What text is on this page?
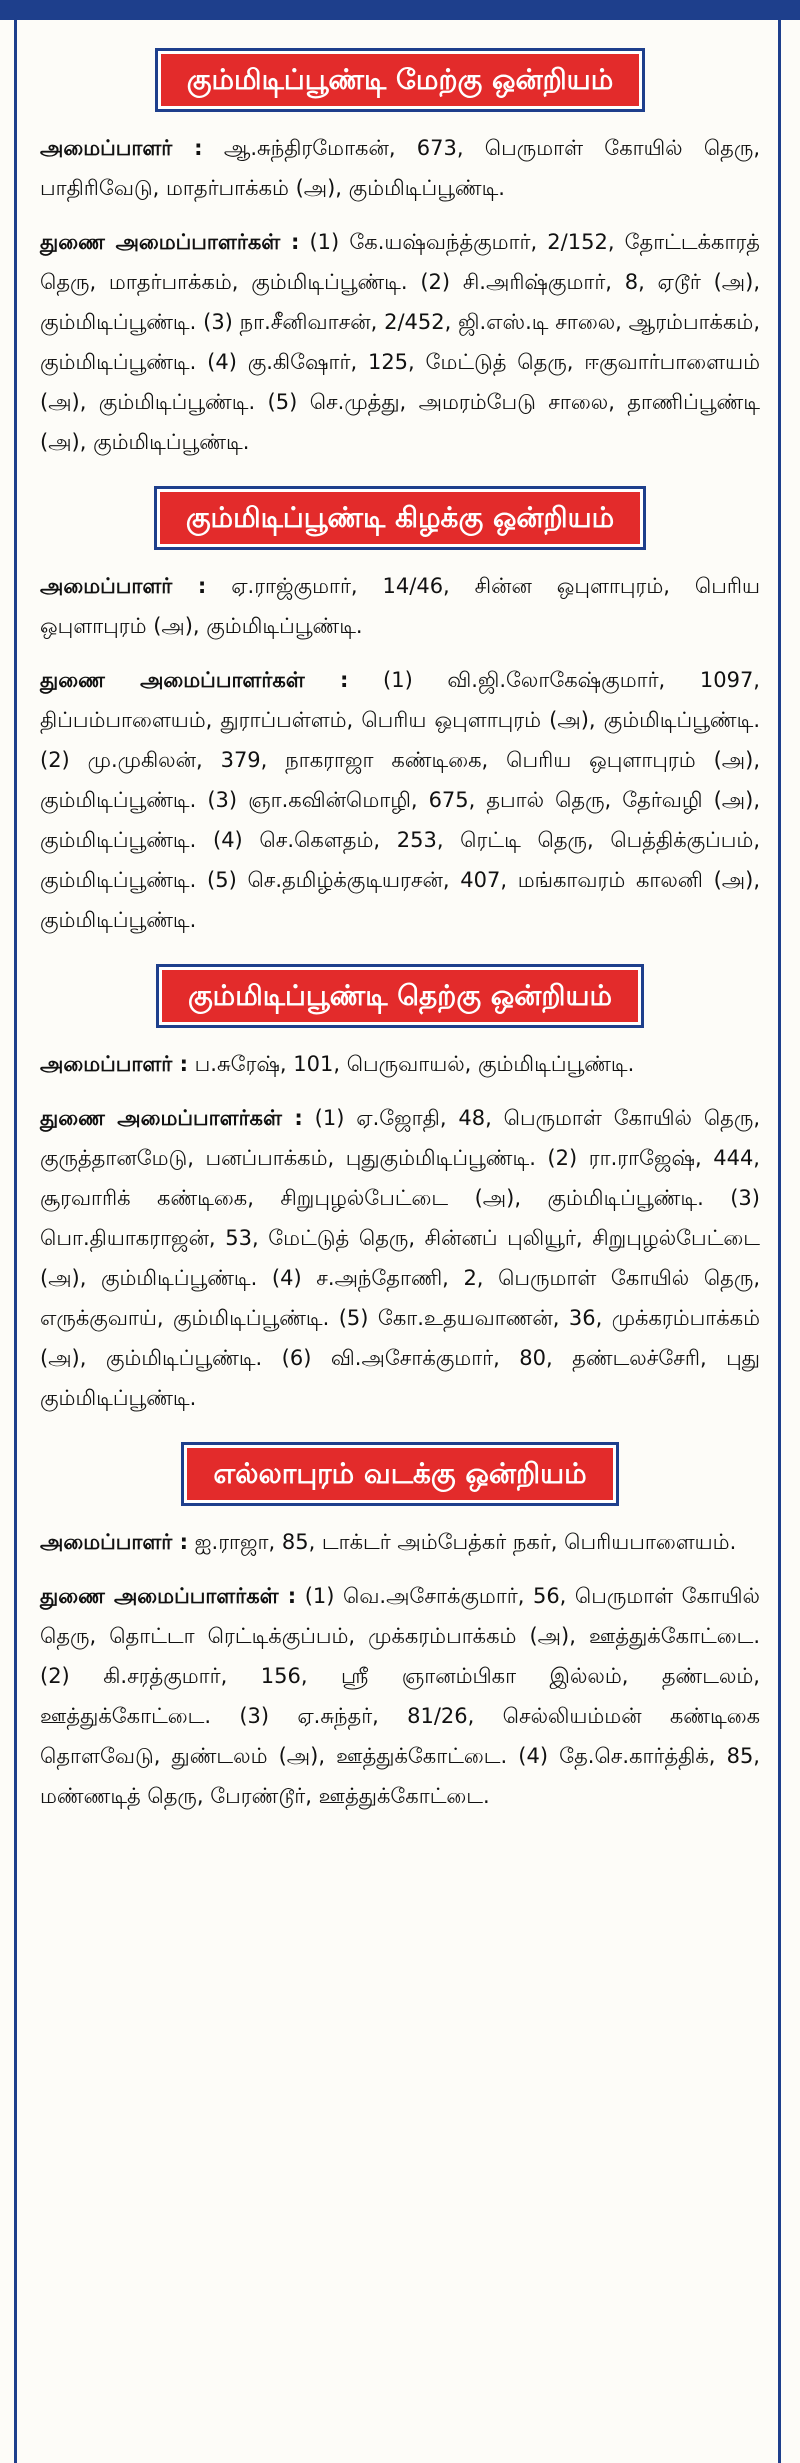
கும்மிடிப்பூண்டி மேற்கு ஒன்றியம்

அமைப்பாளர் : ஆ.சுந்திரமோகன், 673, பெருமாள் கோயில் தெரு, பாதிரிவேடு, மாதர்பாக்கம் (அ), கும்மிடிப்பூண்டி.

துணை அமைப்பாளர்கள் : (1) கே.யஷ்வந்த்குமார், 2/152, தோட்டக்காரத் தெரு, மாதர்பாக்கம், கும்மிடிப்பூண்டி. (2) சி.அரிஷ்குமார், 8, ஏடூர் (அ), கும்மிடிப்பூண்டி. (3) நா.சீனிவாசன், 2/452, ஜி.எஸ்.டி சாலை, ஆரம்பாக்கம், கும்மிடிப்பூண்டி. (4) கு.கிஷோர், 125, மேட்டுத் தெரு, ஈகுவார்பாளையம் (அ), கும்மிடிப்பூண்டி. (5) செ.முத்து, அமரம்பேடு சாலை, தாணிப்பூண்டி (அ), கும்மிடிப்பூண்டி.

கும்மிடிப்பூண்டி கிழக்கு ஒன்றியம்

அமைப்பாளர் : ஏ.ராஜ்குமார், 14/46, சின்ன ஒபுளாபுரம், பெரிய ஒபுளாபுரம் (அ), கும்மிடிப்பூண்டி.

துணை அமைப்பாளர்கள் : (1) வி.ஜி.லோகேஷ்குமார், 1097, திப்பம்பாளையம், துராப்பள்ளம், பெரிய ஒபுளாபுரம் (அ), கும்மிடிப்பூண்டி. (2) மு.முகிலன், 379, நாகராஜா கண்டிகை, பெரிய ஒபுளாபுரம் (அ), கும்மிடிப்பூண்டி. (3) ஞா.கவின்மொழி, 675, தபால் தெரு, தேர்வழி (அ), கும்மிடிப்பூண்டி. (4) செ.கௌதம், 253, ரெட்டி தெரு, பெத்திக்குப்பம், கும்மிடிப்பூண்டி. (5) செ.தமிழ்க்குடியரசன், 407, மங்காவரம் காலனி (அ), கும்மிடிப்பூண்டி.

கும்மிடிப்பூண்டி தெற்கு ஒன்றியம்

அமைப்பாளர் : ப.சுரேஷ், 101, பெருவாயல், கும்மிடிப்பூண்டி.

துணை அமைப்பாளர்கள் : (1) ஏ.ஜோதி, 48, பெருமாள் கோயில் தெரு, குருத்தானமேடு, பனப்பாக்கம், புதுகும்மிடிப்பூண்டி. (2) ரா.ராஜேஷ், 444, சூரவாரிக் கண்டிகை, சிறுபுழல்பேட்டை (அ), கும்மிடிப்பூண்டி. (3) பொ.தியாகராஜன், 53, மேட்டுத் தெரு, சின்னப் புலியூர், சிறுபுழல்பேட்டை (அ), கும்மிடிப்பூண்டி. (4) ச.அந்தோணி, 2, பெருமாள் கோயில் தெரு, எருக்குவாய், கும்மிடிப்பூண்டி. (5) கோ.உதயவாணன், 36, முக்கரம்பாக்கம் (அ), கும்மிடிப்பூண்டி. (6) வி.அசோக்குமார், 80, தண்டலச்சேரி, புது கும்மிடிப்பூண்டி.

எல்லாபுரம் வடக்கு ஒன்றியம்

அமைப்பாளர் : ஐ.ராஜா, 85, டாக்டர் அம்பேத்கர் நகர், பெரியபாளையம்.

துணை அமைப்பாளர்கள் : (1) வெ.அசோக்குமார், 56, பெருமாள் கோயில் தெரு, தொட்டா ரெட்டிக்குப்பம், முக்கரம்பாக்கம் (அ), ஊத்துக்கோட்டை. (2) கி.சரத்குமார், 156, ஸ்ரீ ஞானம்பிகா இல்லம், தண்டலம், ஊத்துக்கோட்டை. (3) ஏ.சுந்தர், 81/26, செல்லியம்மன் கண்டிகை தொளவேடு, துண்டலம் (அ), ஊத்துக்கோட்டை. (4) தே.செ.கார்த்திக், 85, மண்ணடித் தெரு, பேரண்டூர், ஊத்துக்கோட்டை.
